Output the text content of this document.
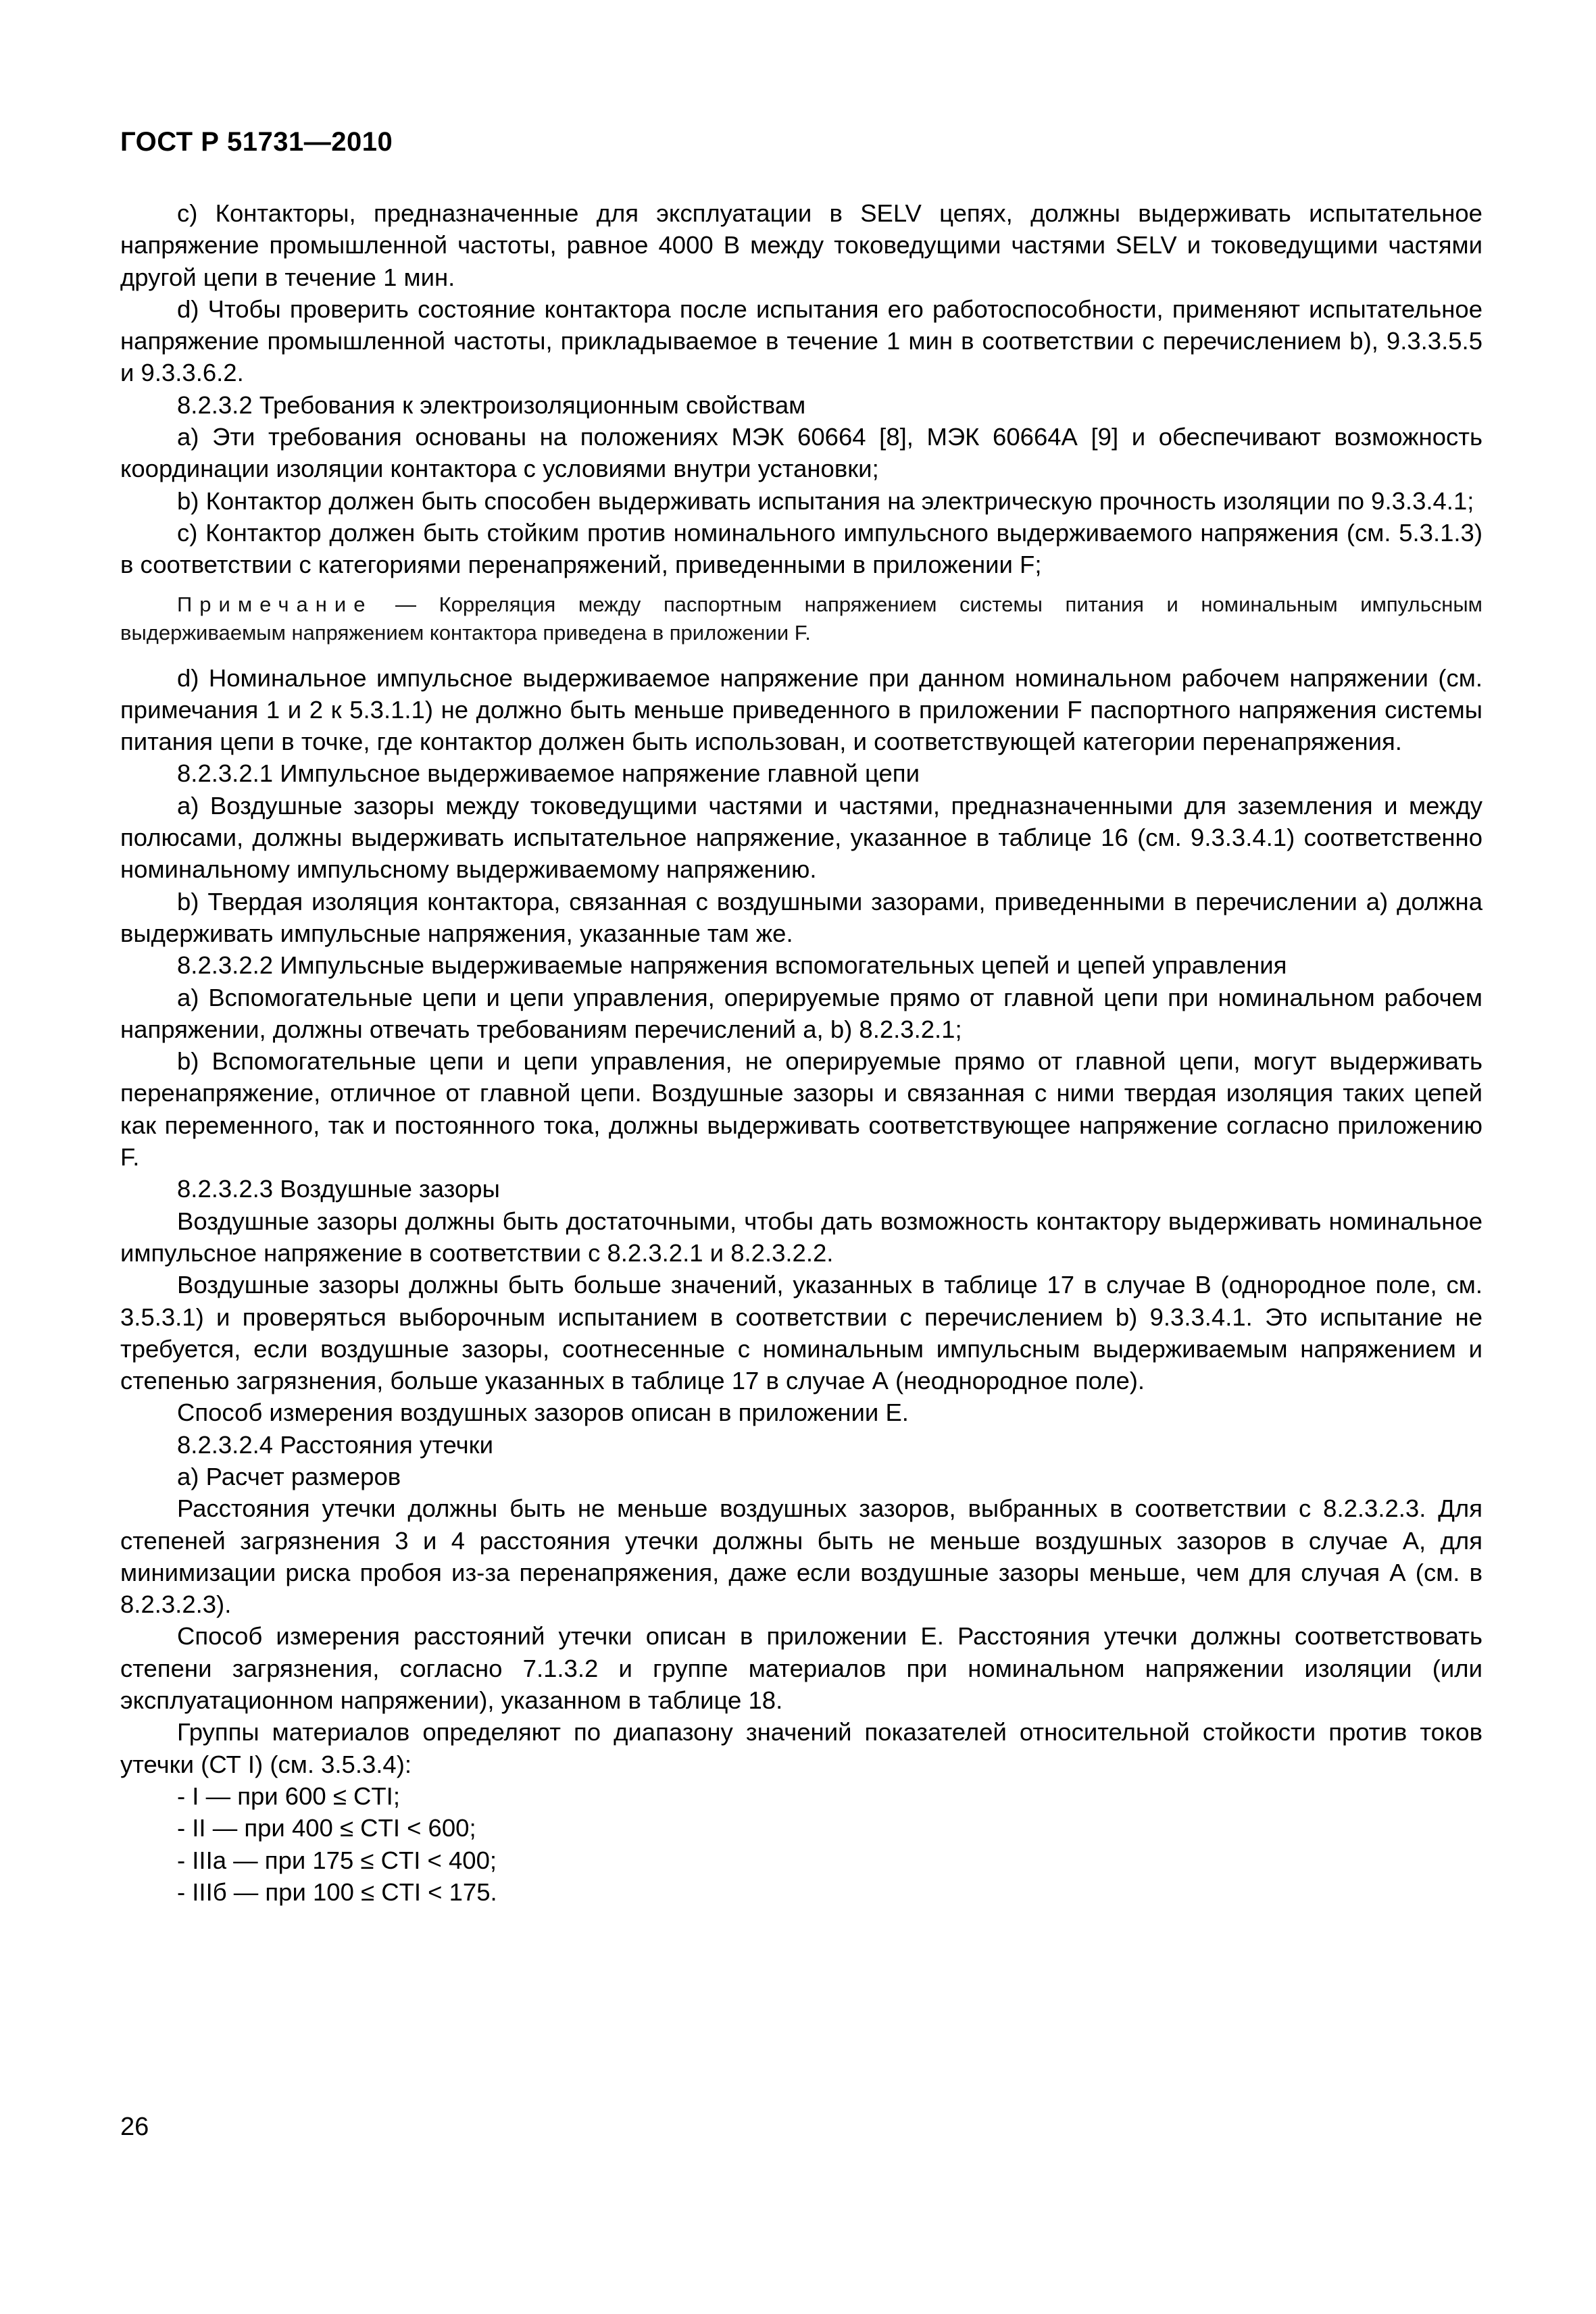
ГОСТ Р 51731—2010

с) Контакторы, предназначенные для эксплуатации в SELV цепях, должны выдерживать испытательное напряжение промышленной частоты, равное 4000 В между токоведущими частями SELV и токоведущими частями другой цепи в течение 1 мин.

d) Чтобы проверить состояние контактора после испытания его работоспособности, применяют испытательное напряжение промышленной частоты, прикладываемое в течение 1 мин в соответствии с перечислением b), 9.3.3.5.5 и 9.3.3.6.2.

8.2.3.2 Требования к электроизоляционным свойствам

а) Эти требования основаны на положениях МЭК 60664 [8], МЭК 60664А [9] и обеспечивают возможность координации изоляции контактора с условиями внутри установки;

b) Контактор должен быть способен выдерживать испытания на электрическую прочность изоляции по 9.3.3.4.1;

с) Контактор должен быть стойким против номинального импульсного выдерживаемого напряжения (см. 5.3.1.3) в соответствии с категориями перенапряжений, приведенными в приложении F;

Примечание — Корреляция между паспортным напряжением системы питания и номинальным импульсным выдерживаемым напряжением контактора приведена в приложении F.

d) Номинальное импульсное выдерживаемое напряжение при данном номинальном рабочем напряжении (см. примечания 1 и 2 к 5.3.1.1) не должно быть меньше приведенного в приложении F паспортного напряжения системы питания цепи в точке, где контактор должен быть использован, и соответствующей категории перенапряжения.

8.2.3.2.1 Импульсное выдерживаемое напряжение главной цепи

а) Воздушные зазоры между токоведущими частями и частями, предназначенными для заземления и между полюсами, должны выдерживать испытательное напряжение, указанное в таблице 16 (см. 9.3.3.4.1) соответственно номинальному импульсному выдерживаемому напряжению.

b) Твердая изоляция контактора, связанная с воздушными зазорами, приведенными в перечислении а) должна выдерживать импульсные напряжения, указанные там же.

8.2.3.2.2 Импульсные выдерживаемые напряжения вспомогательных цепей и цепей управления

а) Вспомогательные цепи и цепи управления, оперируемые прямо от главной цепи при номинальном рабочем напряжении, должны отвечать требованиям перечислений а, b) 8.2.3.2.1;

b) Вспомогательные цепи и цепи управления, не оперируемые прямо от главной цепи, могут выдерживать перенапряжение, отличное от главной цепи. Воздушные зазоры и связанная с ними твердая изоляция таких цепей как переменного, так и постоянного тока, должны выдерживать соответствующее напряжение согласно приложению F.

8.2.3.2.3 Воздушные зазоры

Воздушные зазоры должны быть достаточными, чтобы дать возможность контактору выдерживать номинальное импульсное напряжение в соответствии с 8.2.3.2.1 и 8.2.3.2.2.

Воздушные зазоры должны быть больше значений, указанных в таблице 17 в случае В (однородное поле, см. 3.5.3.1) и проверяться выборочным испытанием в соответствии с перечислением b) 9.3.3.4.1. Это испытание не требуется, если воздушные зазоры, соотнесенные с номинальным импульсным выдерживаемым напряжением и степенью загрязнения, больше указанных в таблице 17 в случае А (неоднородное поле).

Способ измерения воздушных зазоров описан в приложении Е.

8.2.3.2.4 Расстояния утечки

а) Расчет размеров

Расстояния утечки должны быть не меньше воздушных зазоров, выбранных в соответствии с 8.2.3.2.3. Для степеней загрязнения 3 и 4 расстояния утечки должны быть не меньше воздушных зазоров в случае А, для минимизации риска пробоя из-за перенапряжения, даже если воздушные зазоры меньше, чем для случая А (см. в 8.2.3.2.3).

Способ измерения расстояний утечки описан в приложении Е. Расстояния утечки должны соответствовать степени загрязнения, согласно 7.1.3.2 и группе материалов при номинальном напряжении изоляции (или эксплуатационном напряжении), указанном в таблице 18.

Группы материалов определяют по диапазону значений показателей относительной стойкости против токов утечки (СТ I) (см. 3.5.3.4):

- I — при 600 ≤ CTI;

- II — при 400 ≤ CTI < 600;

- IIIа — при 175 ≤ CTI < 400;

- IIIб — при 100 ≤ CTI < 175.

26
